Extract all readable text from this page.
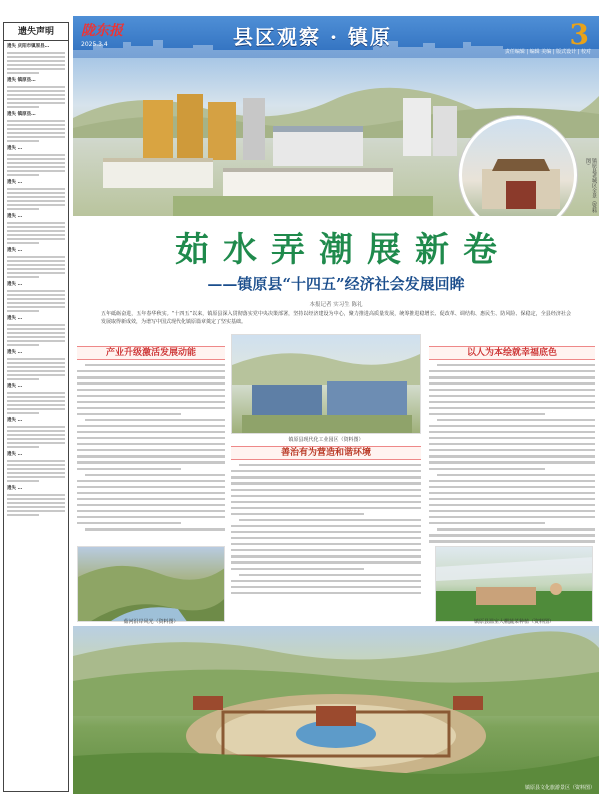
遗失声明
遗失 庆阳市镇原县…
遗失 镇原县…
遗失 镇原县…
遗失 …
遗失 …
遗失 …
遗失 …
遗失 …
遗失 …
遗失 …
遗失 …
遗失 …
遗失 …
遗失 …
陇东报
2025.3.4	县区观察 · 镇原	3
责任编辑 | 编辑 美编 | 版式设计 | 校对
镇原县老城区全景（资料图）
茹水弄潮展新卷
——镇原县“十四五”经济社会发展回眸
本报记者 实习生 陈礼
五年砥砺奋进，五年春华秋实。“十四五”以来，镇原县深入贯彻落实党中央决策部署，坚持以经济建设为中心，聚力推进高质量发展，统筹推进稳增长、促改革、调结构、惠民生、防风险、保稳定，全县经济社会发展取得新成效，为谱写中国式现代化镇原篇章奠定了坚实基础。
产业升级激活发展动能
茹河沿岸风光（资料图）
镇原县现代化工业园区（资料图）
善治有为营造和谐环境
以人为本绘就幸福底色
镇原县温室大棚蔬菜种植（资料图）
镇原县文化旅游景区（资料图）
